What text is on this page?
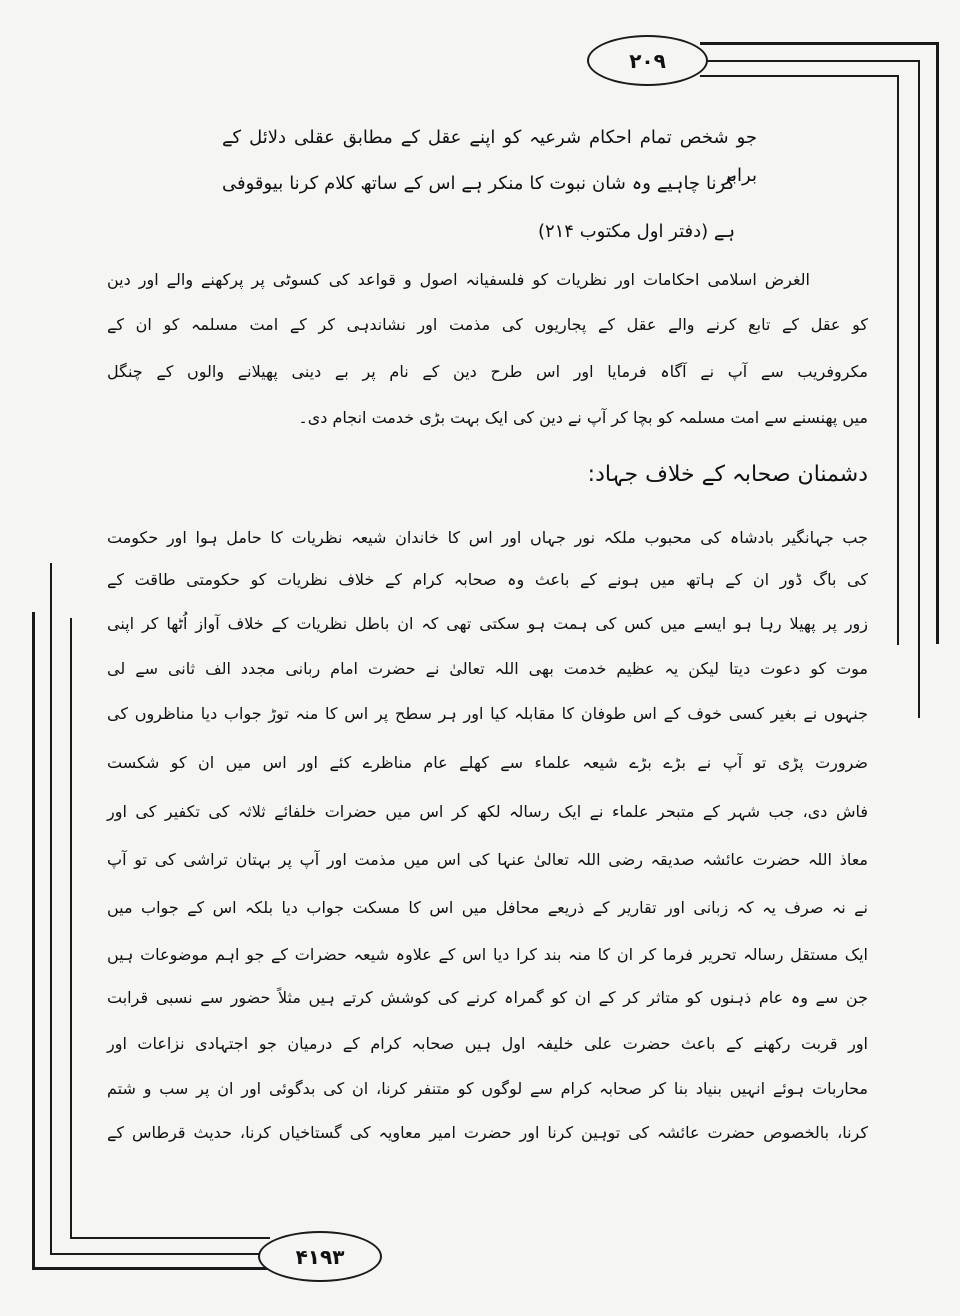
۲۰۹
۴۱۹۳
جو شخص تمام احکام شرعیہ کو اپنے عقل کے مطابق عقلی دلائل کے برابر
کرنا چاہیے وہ شان نبوت کا منکر ہے اس کے ساتھ کلام کرنا بیوقوفی
ہے (دفتر اول مکتوب ۲۱۴)
الغرض اسلامی احکامات اور نظریات کو فلسفیانہ اصول و قواعد کی کسوٹی پر پرکھنے والے اور دین
کو عقل کے تابع کرنے والے عقل کے پجاریوں کی مذمت اور نشاندہی کر کے امت مسلمہ کو ان کے
مکروفریب سے آپ نے آگاہ فرمایا اور اس طرح دین کے نام پر بے دینی پھیلانے والوں کے چنگل
میں پھنسنے سے امت مسلمہ کو بچا کر آپ نے دین کی ایک بہت بڑی خدمت انجام دی۔
دشمنان صحابہ کے خلاف جہاد:
جب جہانگیر بادشاہ کی محبوب ملکہ نور جہاں اور اس کا خاندان شیعہ نظریات کا حامل ہوا اور حکومت
کی باگ ڈور ان کے ہاتھ میں ہونے کے باعث وہ صحابہ کرام کے خلاف نظریات کو حکومتی طاقت کے
زور پر پھیلا رہا ہو ایسے میں کس کی ہمت ہو سکتی تھی کہ ان باطل نظریات کے خلاف آواز اُٹھا کر اپنی
موت کو دعوت دیتا لیکن یہ عظیم خدمت بھی اللہ تعالیٰ نے حضرت امام ربانی مجدد الف ثانی سے لی
جنہوں نے بغیر کسی خوف کے اس طوفان کا مقابلہ کیا اور ہر سطح پر اس کا منہ توڑ جواب دیا مناظروں کی
ضرورت پڑی تو آپ نے بڑے بڑے شیعہ علماء سے کھلے عام مناظرے کئے اور اس میں ان کو شکست
فاش دی، جب شہر کے متبحر علماء نے ایک رسالہ لکھ کر اس میں حضرات خلفائے ثلاثہ کی تکفیر کی اور
معاذ اللہ حضرت عائشہ صدیقہ رضی اللہ تعالیٰ عنہا کی اس میں مذمت اور آپ پر بہتان تراشی کی تو آپ
نے نہ صرف یہ کہ زبانی اور تقاریر کے ذریعے محافل میں اس کا مسکت جواب دیا بلکہ اس کے جواب میں
ایک مستقل رسالہ تحریر فرما کر ان کا منہ بند کرا دیا اس کے علاوہ شیعہ حضرات کے جو اہم موضوعات ہیں
جن سے وہ عام ذہنوں کو متاثر کر کے ان کو گمراہ کرنے کی کوشش کرتے ہیں مثلاً حضور سے نسبی قرابت
اور قربت رکھنے کے باعث حضرت علی خلیفہ اول ہیں صحابہ کرام کے درمیان جو اجتہادی نزاعات اور
محاربات ہوئے انہیں بنیاد بنا کر صحابہ کرام سے لوگوں کو متنفر کرنا، ان کی بدگوئی اور ان پر سب و شتم
کرنا، بالخصوص حضرت عائشہ کی توہین کرنا اور حضرت امیر معاویہ کی گستاخیاں کرنا، حدیث قرطاس کے
